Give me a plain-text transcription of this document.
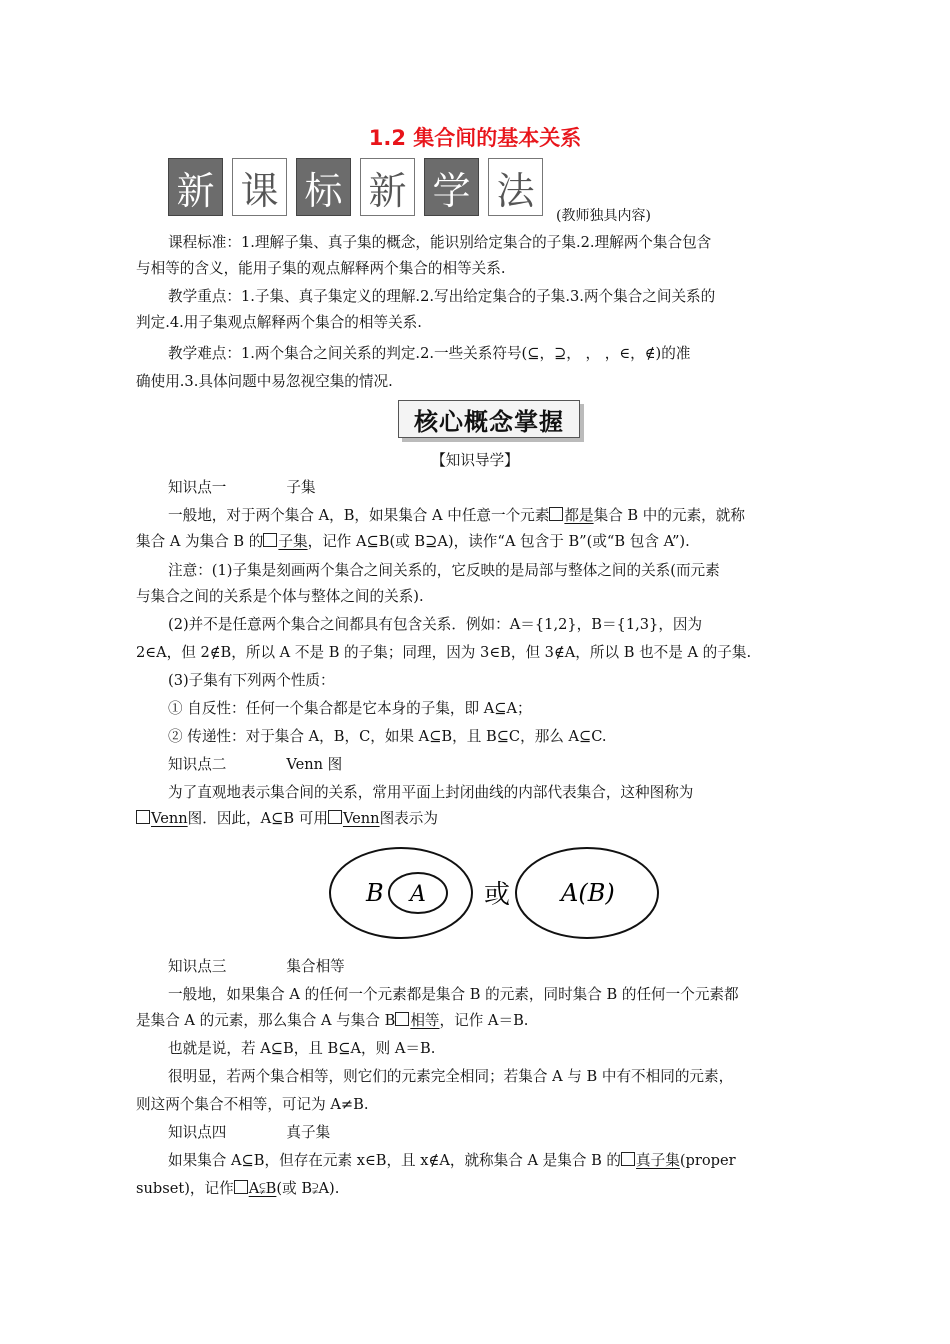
1.2 集合间的基本关系
新 课 标 新 学 法
(教师独具内容)
课程标准：1.理解子集、真子集的概念，能识别给定集合的子集.2.理解两个集合包含
与相等的含义，能用子集的观点解释两个集合的相等关系.
教学重点：1.子集、真子集定义的理解.2.写出给定集合的子集.3.两个集合之间关系的
判定.4.用子集观点解释两个集合的相等关系.
教学难点：1.两个集合之间关系的判定.2.一些关系符号(⊆，⊇， ， ，∈，∉)的准
确使用.3.具体问题中易忽视空集的情况.
核心概念掌握
【知识导学】
知识点一	子集
一般地，对于两个集合 A，B，如果集合 A 中任意一个元素 都是集合 B 中的元素，就称
集合 A 为集合 B 的 子集，记作 A⊆B(或 B⊇A)，读作“A 包含于 B”(或“B 包含 A”).
注意：(1)子集是刻画两个集合之间关系的，它反映的是局部与整体之间的关系(而元素
与集合之间的关系是个体与整体之间的关系).
(2)并不是任意两个集合之间都具有包含关系．例如：A＝{1,2}，B＝{1,3}，因为
2∈A，但 2∉B，所以 A 不是 B 的子集；同理，因为 3∈B，但 3∉A，所以 B 也不是 A 的子集.
(3)子集有下列两个性质：
① 自反性：任何一个集合都是它本身的子集，即 A⊆A；
② 传递性：对于集合 A，B，C，如果 A⊆B，且 B⊆C，那么 A⊆C.
知识点二	Venn 图
为了直观地表示集合间的关系，常用平面上封闭曲线的内部代表集合，这种图称为
Venn图．因此，A⊆B 可用 Venn图表示为
B A 或 A(B)
知识点三	集合相等
一般地，如果集合 A 的任何一个元素都是集合 B 的元素，同时集合 B 的任何一个元素都
是集合 A 的元素，那么集合 A 与集合 B 相等，记作 A＝B.
也就是说，若 A⊆B，且 B⊆A，则 A＝B.
很明显，若两个集合相等，则它们的元素完全相同；若集合 A 与 B 中有不相同的元素，
则这两个集合不相等，可记为 A≠B.
知识点四	真子集
如果集合 A⊆B，但存在元素 x∈B，且 x∉A，就称集合 A 是集合 B 的 真子集(proper
subset)，记作 A⫋B(或 B⫌A).
